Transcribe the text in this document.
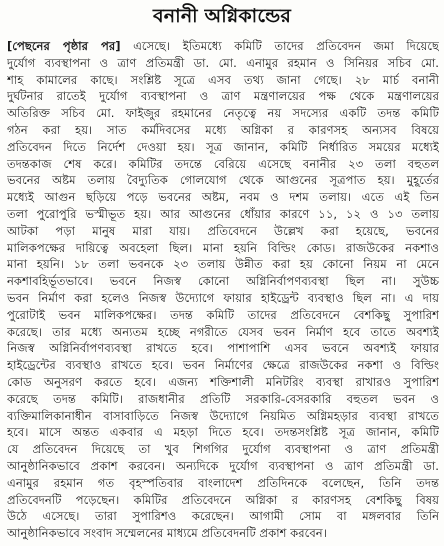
বনানী অগ্নিকান্ডের
[পেছনের পৃষ্ঠার পর] এসেছে। ইতিমধ্যে কমিটি তাদের প্রতিবেদন জমা দিয়েছে
দুর্যোগ ব্যবস্থাপনা ও ত্রাণ প্রতিমন্ত্রী ডা. মো. এনামুর রহমান ও সিনিয়র সচিব মো.
শাহ কামালের কাছে। সংশ্লিষ্ট সূত্রে এসব তথ্য জানা গেছে। ২৮ মার্চ বনানী
দুর্ঘটনার রাতেই দুর্যোগ ব্যবস্থাপনা ও ত্রাণ মন্ত্রণালয়ের পক্ষ থেকে মন্ত্রণালয়ের
অতিরিক্ত সচিব মো. ফাইজুর রহমানের নেতৃত্বে নয় সদস্যের একটি তদন্ত কমিটি
গঠন করা হয়। সাত কর্মদিবসের মধ্যে অগ্নিকা র কারণসহ অন্যসব বিষয়ে
প্রতিবেদন দিতে নির্দেশ দেওয়া হয়। সূত্র জানান, কমিটি নির্ধারিত সময়ের মধ্যেই
তদন্তকাজ শেষ করে। কমিটির তদন্তে বেরিয়ে এসেছে বনানীর ২৩ তলা বহুতল
ভবনের অষ্টম তলায় বৈদ্যুতিক গোলযোগ থেকে আগুনের সূত্রপাত হয়। মুহূর্তের
মধ্যেই আগুন ছড়িয়ে পড়ে ভবনের অষ্টম, নবম ও দশম তলায়। এতে এই তিন
তলা পুরোপুরি ভস্মীভূত হয়। আর আগুনের ধোঁয়ার কারণে ১১, ১২ ও ১৩ তলায়
আটকা পড়া মানুষ মারা যায়। প্রতিবেদনে উল্লেখ করা হয়েছে, ভবনের
মালিকপক্ষের দায়িত্বে অবহেলা ছিল। মানা হয়নি বিল্ডিং কোড। রাজউকের নকশাও
মানা হয়নি। ১৮ তলা ভবনকে ২৩ তলায় উন্নীত করা হয় কোনো নিয়ম না মেনে
নকশাবহির্ভূতভাবে। ভবনে নিজস্ব কোনো অগ্নিনির্বাপণব্যবস্থা ছিল না। সুউচ্চ
ভবন নির্মাণ করা হলেও নিজস্ব উদ্যোগে ফায়ার হাইড্রেন্ট ব্যবস্থাও ছিল না। এ দায়
পুরোটাই ভবন মালিকপক্ষের। তদন্ত কমিটি তাদের প্রতিবেদনে বেশকিছু সুপারিশ
করেছে। তার মধ্যে অন্যতম হচ্ছে নগরীতে যেসব ভবন নির্মাণ হবে তাতে অবশ্যই
নিজস্ব অগ্নিনির্বাপণব্যবস্থা রাখতে হবে। পাশাপাশি এসব ভবনে অবশ্যই ফায়ার
হাইড্রেন্টের ব্যবস্থাও রাখতে হবে। ভবন নির্মাণের ক্ষেত্রে রাজউকের নকশা ও বিল্ডিং
কোড অনুসরণ করতে হবে। এজন্য শক্তিশালী মনিটরিং ব্যবস্থা রাখারও সুপারিশ
করেছে তদন্ত কমিটি। রাজধানীর প্রতিটি সরকারি-বেসরকারি বহুতল ভবন ও
ব্যক্তিমালিকানাধীন বাসাবাড়িতে নিজস্ব উদ্যোগে নিয়মিত অগ্নিমহড়ার ব্যবস্থা রাখতে
হবে। মাসে অন্তত একবার এ মহড়া দিতে হবে। তদন্তসংশ্লিষ্ট সূত্র জানান, কমিটি
যে প্রতিবেদন দিয়েছে তা খুব শিগগির দুর্যোগ ব্যবস্থাপনা ও ত্রাণ প্রতিমন্ত্রী
আনুষ্ঠানিকভাবে প্রকাশ করবেন। অন্যদিকে দুর্যোগ ব্যবস্থাপনা ও ত্রাণ প্রতিমন্ত্রী ডা.
এনামুর রহমান গত বৃহস্পতিবার বাংলাদেশ প্রতিদিনকে বলেছেন, তিনি তদন্ত
প্রতিবেদনটি পড়েছেন। কমিটির প্রতিবেদনে অগ্নিকা র কারণসহ বেশকিছু বিষয়
উঠে এসেছে। তারা সুপারিশও করেছেন। আগামী সোম বা মঙ্গলবার তিনি
আনুষ্ঠানিকভাবে সংবাদ সম্মেলনের মাধ্যমে প্রতিবেদনটি প্রকাশ করবেন।
